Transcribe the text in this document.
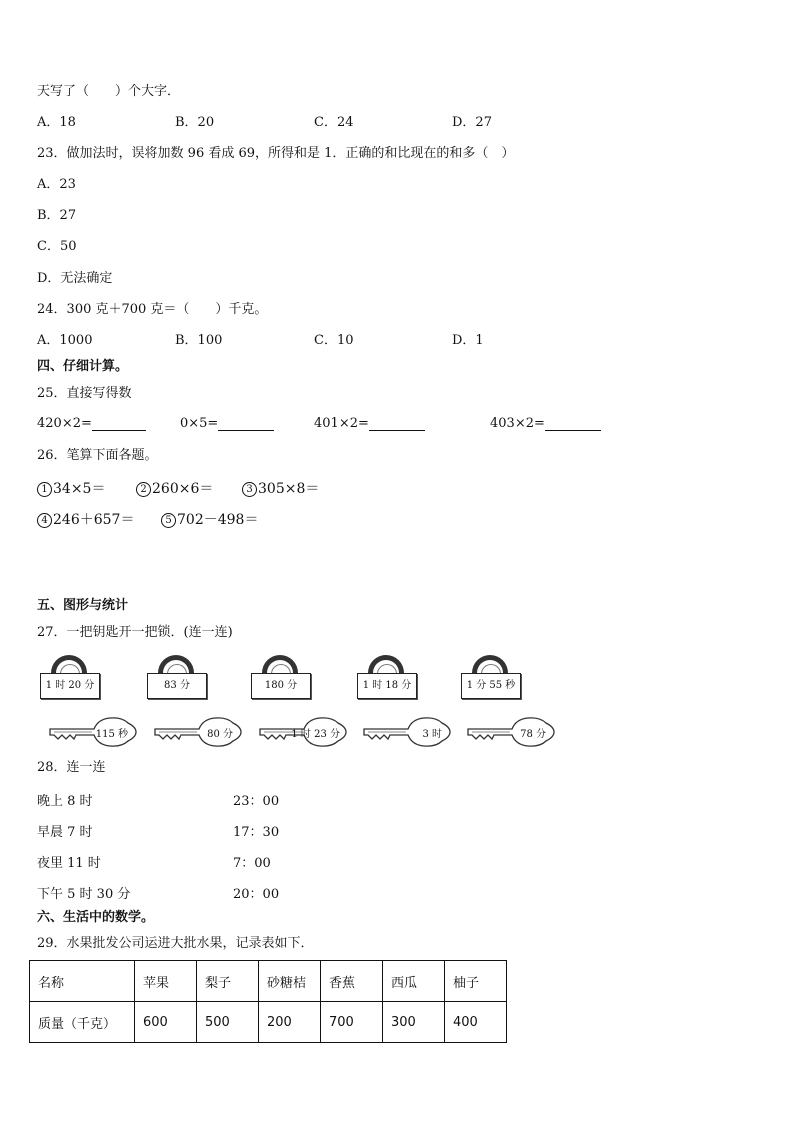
天写了（　　）个大字．
A．18	B．20	C．24	D．27
23．做加法时，误将加数 96 看成 69，所得和是 1．正确的和比现在的和多（　）
A．23
B．27
C．50
D．无法确定
24．300 克＋700 克＝（　　）千克。
A．1000	B．100	C．10	D．1
四、仔细计算。
25．直接写得数
420×2=	0×5=	401×2=	403×2=
26．笔算下面各题。
1 34×5＝	2 260×6＝	3 305×8＝
4 246＋657＝	5 702－498＝
五、图形与统计
27．一把钥匙开一把锁．(连一连)
1 时 20 分	83 分	180 分	1 时 18 分	1 分 55 秒
115 秒	80 分	1 时 23 分	3 时	78 分
28．连一连
晚上 8 时
早晨 7 时
夜里 11 时
下午 5 时 30 分
23：00
17：30
7：00
20：00
六、生活中的数学。
29．水果批发公司运进大批水果，记录表如下．
名称	苹果	梨子	砂糖桔	香蕉	西瓜	柚子
质量（千克）	600	500	200	700	300	400
